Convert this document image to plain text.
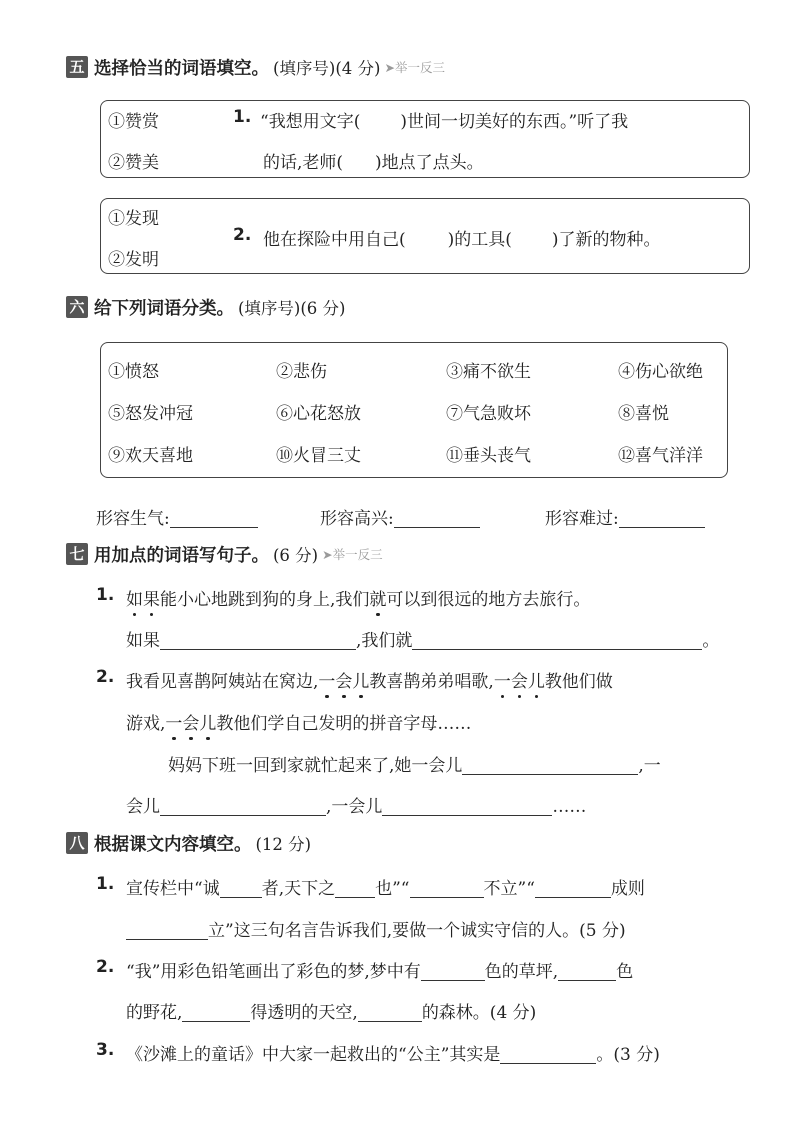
五 选择恰当的词语填空。 (填序号)(4 分) ➤举一反三
①赞赏
②赞美
1. “我想用文字( )世间一切美好的东西。”听了我
的话,老师( )地点了点头。
①发现
②发明
2. 他在探险中用自己( )的工具( )了新的物种。
六 给下列词语分类。 (填序号)(6 分)
①愤怒	②悲伤	③痛不欲生	④伤心欲绝
⑤怒发冲冠	⑥心花怒放	⑦气急败坏	⑧喜悦
⑨欢天喜地	⑩火冒三丈	⑪垂头丧气	⑫喜气洋洋
形容生气:	形容高兴:	形容难过:
七 用加点的词语写句子。 (6 分) ➤举一反三
1. 如果能小心地跳到狗的身上,我们就可以到很远的地方去旅行。
如果	,我们就	。
2. 我看见喜鹊阿姨站在窝边,一会儿教喜鹊弟弟唱歌,一会儿教他们做
游戏,一会儿教他们学自己发明的拼音字母……
妈妈下班一回到家就忙起来了,她一会儿	,一
会儿	,一会儿	……
八 根据课文内容填空。 (12 分)
1. 宣传栏中“诚 者,天下之 也”“	不立”“	成则
立”这三句名言告诉我们,要做一个诚实守信的人。(5 分)
2. “我”用彩色铅笔画出了彩色的梦,梦中有	色的草坪,	色
的野花,	得透明的天空,	的森林。(4 分)
3. 《沙滩上的童话》中大家一起救出的“公主”其实是	。(3 分)
